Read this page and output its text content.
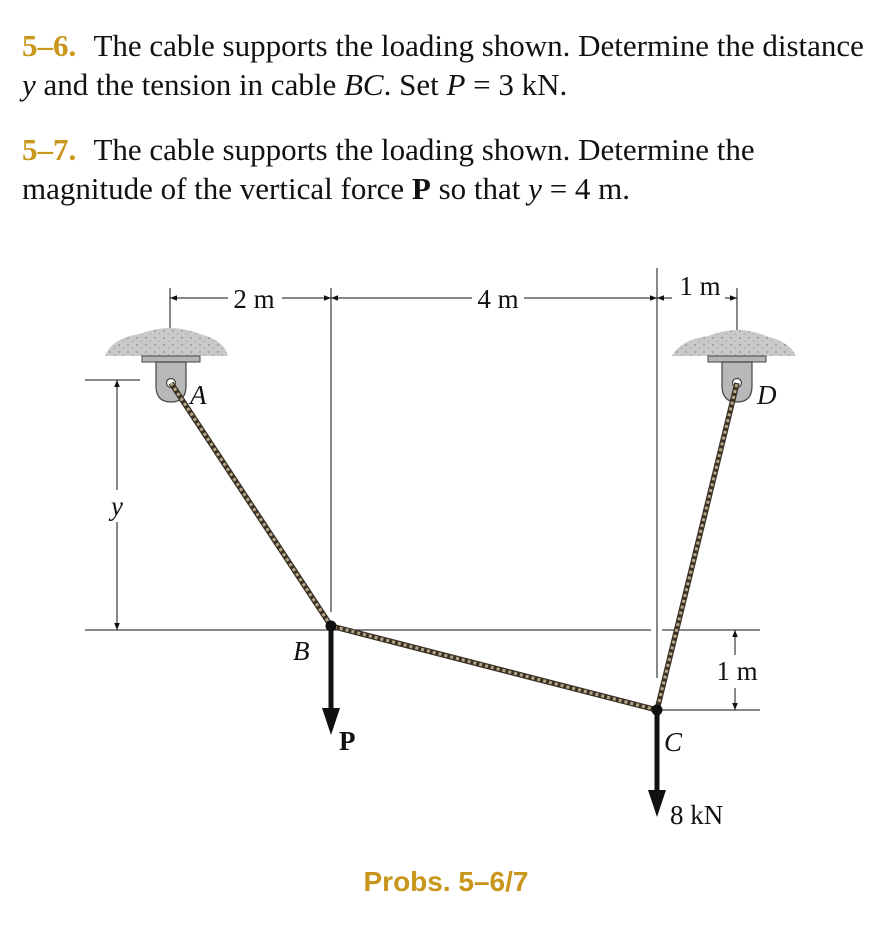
5–6. The cable supports the loading shown. Determine the distance y and the tension in cable BC. Set P = 3 kN.
5–7. The cable supports the loading shown. Determine the magnitude of the vertical force P so that y = 4 m.
2 m	4 m	1 m
1 m
y
A	D
B
C
P
8 kN
Probs. 5–6/7
